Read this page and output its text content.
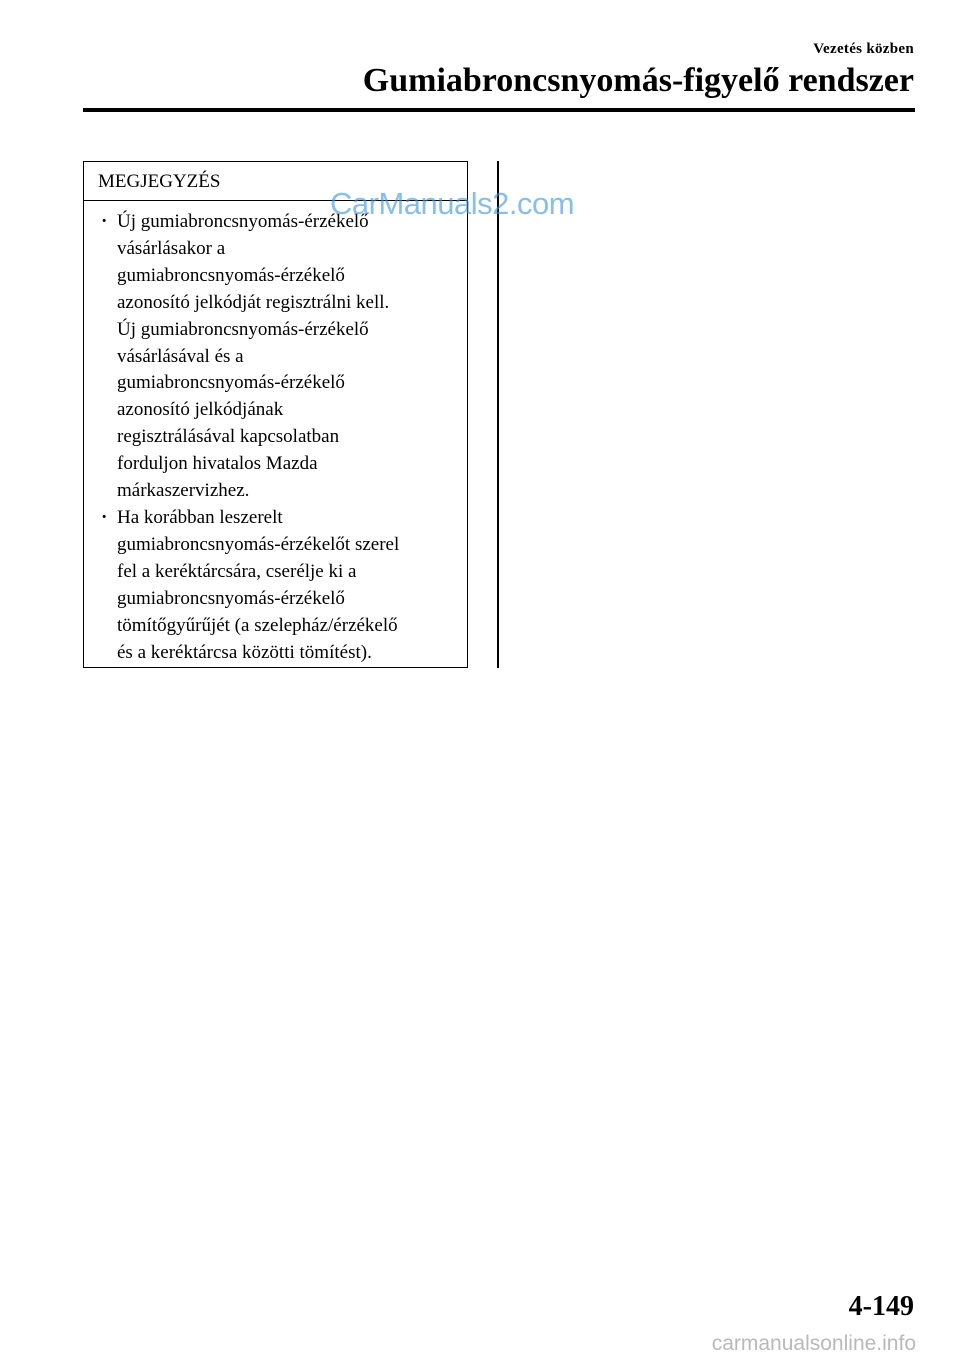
Vezetés közben
Gumiabroncsnyomás-figyelő rendszer
MEGJEGYZÉS
· Új gumiabroncsnyomás-érzékelő
vásárlásakor a
gumiabroncsnyomás-érzékelő
azonosító jelkódját regisztrálni kell.
Új gumiabroncsnyomás-érzékelő
vásárlásával és a
gumiabroncsnyomás-érzékelő
azonosító jelkódjának
regisztrálásával kapcsolatban
forduljon hivatalos Mazda
márkaszervizhez.
· Ha korábban leszerelt
gumiabroncsnyomás-érzékelőt szerel
fel a keréktárcsára, cserélje ki a
gumiabroncsnyomás-érzékelő
tömítőgyűrűjét (a szelepház/érzékelő
és a keréktárcsa közötti tömítést).
CarManuals2.com
4-149
carmanualsonline.info
